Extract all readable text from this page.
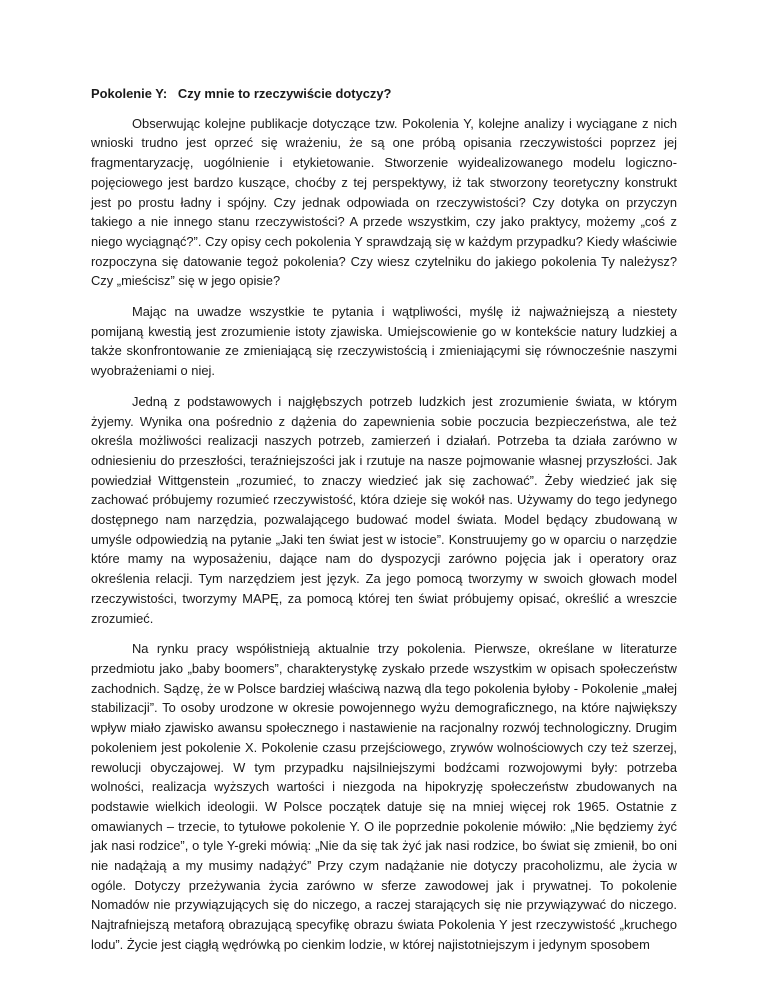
Pokolenie Y:   Czy mnie to rzeczywiście dotyczy?

Obserwując kolejne publikacje dotyczące tzw. Pokolenia Y, kolejne analizy i wyciągane z nich wnioski trudno jest oprzeć się wrażeniu, że są one próbą opisania rzeczywistości poprzez jej fragmentaryzację, uogólnienie i etykietowanie. Stworzenie wyidealizowanego modelu logiczno-pojęciowego jest bardzo kuszące, choćby z tej perspektywy, iż tak stworzony teoretyczny konstrukt jest po prostu ładny i spójny. Czy jednak odpowiada on rzeczywistości? Czy dotyka on przyczyn takiego a nie innego stanu rzeczywistości? A przede wszystkim, czy jako praktycy, możemy „coś z niego wyciągnąć?”. Czy opisy cech pokolenia Y sprawdzają się w każdym przypadku? Kiedy właściwie rozpoczyna się datowanie tegoż pokolenia? Czy wiesz czytelniku do jakiego pokolenia Ty należysz? Czy „mieścisz” się w jego opisie?

Mając na uwadze wszystkie te pytania i wątpliwości, myślę iż najważniejszą a niestety pomijaną kwestią jest zrozumienie istoty zjawiska. Umiejscowienie go w kontekście natury ludzkiej a także skonfrontowanie ze zmieniającą się rzeczywistością i zmieniającymi się równocześnie naszymi wyobrażeniami o niej.

Jedną z podstawowych i najgłębszych potrzeb ludzkich jest zrozumienie świata, w którym żyjemy. Wynika ona pośrednio z dążenia do zapewnienia sobie poczucia bezpieczeństwa, ale też określa możliwości realizacji naszych potrzeb, zamierzeń i działań. Potrzeba ta działa zarówno w odniesieniu do przeszłości, teraźniejszości jak i rzutuje na nasze pojmowanie własnej przyszłości. Jak powiedział Wittgenstein „rozumieć, to znaczy wiedzieć jak się zachować”. Żeby wiedzieć jak się zachować próbujemy rozumieć rzeczywistość, która dzieje się wokół nas. Używamy do tego jedynego dostępnego nam narzędzia, pozwalającego budować model świata. Model będący zbudowaną w umyśle odpowiedzią na pytanie „Jaki ten świat jest w istocie”. Konstruujemy go w oparciu o narzędzie które mamy na wyposażeniu, dające nam do dyspozycji zarówno pojęcia jak i operatory oraz określenia relacji. Tym narzędziem jest język. Za jego pomocą tworzymy w swoich głowach model rzeczywistości, tworzymy MAPĘ, za pomocą której ten świat próbujemy opisać, określić a wreszcie zrozumieć.

Na rynku pracy współistnieją aktualnie trzy pokolenia. Pierwsze, określane w literaturze przedmiotu jako „baby boomers”, charakterystykę zyskało przede wszystkim w opisach społeczeństw zachodnich. Sądzę, że w Polsce bardziej właściwą nazwą dla tego pokolenia byłoby - Pokolenie „małej stabilizacji”. To osoby urodzone w okresie powojennego wyżu demograficznego, na które największy wpływ miało zjawisko awansu społecznego i nastawienie na racjonalny rozwój technologiczny. Drugim pokoleniem jest pokolenie X. Pokolenie czasu przejściowego, zrywów wolnościowych czy też szerzej, rewolucji obyczajowej. W tym przypadku najsilniejszymi bodźcami rozwojowymi były: potrzeba wolności, realizacja wyższych wartości i niezgoda na hipokryzję społeczeństw zbudowanych na podstawie wielkich ideologii. W Polsce początek datuje się na mniej więcej rok 1965. Ostatnie z omawianych – trzecie, to tytułowe pokolenie Y. O ile poprzednie pokolenie mówiło: „Nie będziemy żyć jak nasi rodzice”, o tyle Y-greki mówią: „Nie da się tak żyć jak nasi rodzice, bo świat się zmienił, bo oni nie nadążają a my musimy nadążyć” Przy czym nadążanie nie dotyczy pracoholizmu, ale życia w ogóle. Dotyczy przeżywania życia zarówno w sferze zawodowej jak i prywatnej. To pokolenie Nomadów nie przywiązujących się do niczego, a raczej starających się nie przywiązywać do niczego. Najtrafniejszą metaforą obrazującą specyfikę obrazu świata Pokolenia Y jest rzeczywistość „kruchego lodu”. Życie jest ciągłą wędrówką po cienkim lodzie, w której najistotniejszym i jedynym sposobem
